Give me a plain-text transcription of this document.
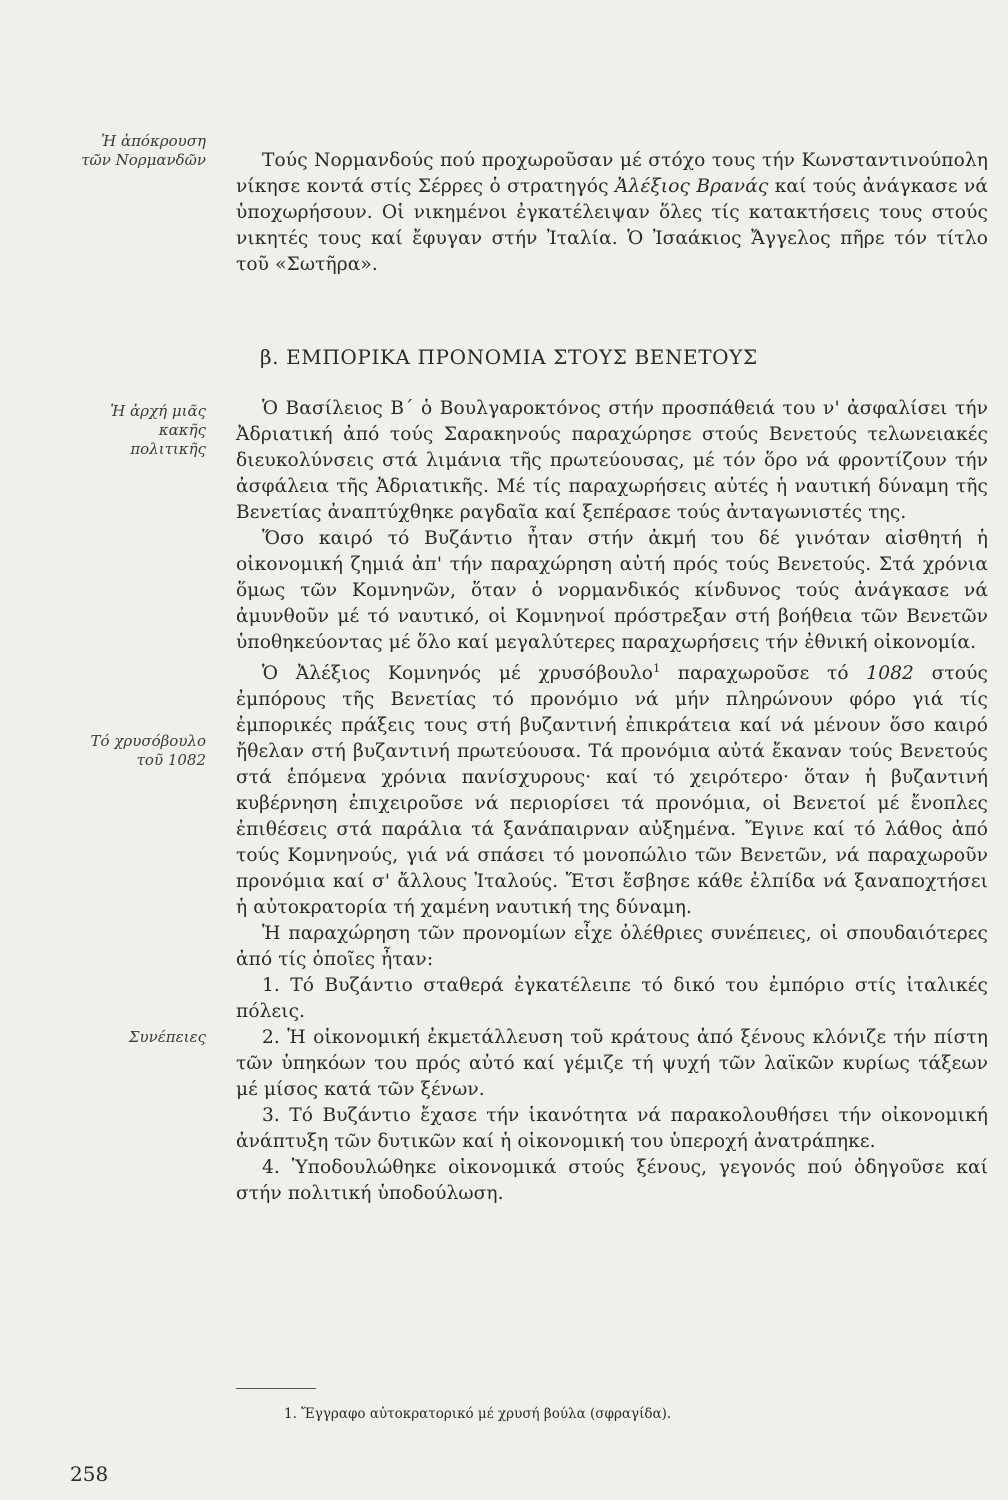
Ἡ ἀπόκρουση
τῶν Νορμανδῶν
Ἡ ἀρχή μιᾶς
κακῆς
πολιτικῆς
Τό χρυσόβουλο
τοῦ 1082
Συνέπειες

Τούς Νορμανδούς πού προχωροῦσαν μέ στόχο τους τήν Κωνσταντινούπολη νίκησε κοντά στίς Σέρρες ὁ στρατηγός Ἀλέξιος Βρανάς καί τούς ἀνάγκασε νά ὑποχωρήσουν. Οἱ νικημένοι ἐγκατέλειψαν ὅλες τίς κατακτήσεις τους στούς νικητές τους καί ἔφυγαν στήν Ἰταλία. Ὁ Ἰσαάκιος Ἄγγελος πῆρε τόν τίτλο τοῦ «Σωτῆρα».

β. ΕΜΠΟΡΙΚΑ ΠΡΟΝΟΜΙΑ ΣΤΟΥΣ ΒΕΝΕΤΟΥΣ

Ὁ Βασίλειος Β΄ ὁ Βουλγαροκτόνος στήν προσπάθειά του ν' ἀσφαλίσει τήν Ἀδριατική ἀπό τούς Σαρακηνούς παραχώρησε στούς Βενετούς τελωνειακές διευκολύνσεις στά λιμάνια τῆς πρωτεύουσας, μέ τόν ὅρο νά φροντίζουν τήν ἀσφάλεια τῆς Ἀδριατικῆς. Μέ τίς παραχωρήσεις αὐτές ἡ ναυτική δύναμη τῆς Βενετίας ἀναπτύχθηκε ραγδαῖα καί ξεπέρασε τούς ἀνταγωνιστές της.

Ὅσο καιρό τό Βυζάντιο ἦταν στήν ἀκμή του δέ γινόταν αἰσθητή ἡ οἰκονομική ζημιά ἀπ' τήν παραχώρηση αὐτή πρός τούς Βενετούς. Στά χρόνια ὅμως τῶν Κομνηνῶν, ὅταν ὁ νορμανδικός κίνδυνος τούς ἀνάγκασε νά ἀμυνθοῦν μέ τό ναυτικό, οἱ Κομνηνοί πρόστρεξαν στή βοήθεια τῶν Βενετῶν ὑποθηκεύοντας μέ ὅλο καί μεγαλύτερες παραχωρήσεις τήν ἐθνική οἰκονομία.

Ὁ Ἀλέξιος Κομνηνός μέ χρυσόβουλο$^1$ παραχωροῦσε τό 1082 στούς ἐμπόρους τῆς Βενετίας τό προνόμιο νά μήν πληρώνουν φόρο γιά τίς ἐμπορικές πράξεις τους στή βυζαντινή ἐπικράτεια καί νά μένουν ὅσο καιρό ἤθελαν στή βυζαντινή πρωτεύουσα. Τά προνόμια αὐτά ἔκαναν τούς Βενετούς στά ἑπόμενα χρόνια πανίσχυρους· καί τό χειρότερο· ὅταν ἡ βυζαντινή κυβέρνηση ἐπιχειροῦσε νά περιορίσει τά προνόμια, οἱ Βενετοί μέ ἔνοπλες ἐπιθέσεις στά παράλια τά ξανάπαιρναν αὐξημένα. Ἔγινε καί τό λάθος ἀπό τούς Κομνηνούς, γιά νά σπάσει τό μονοπώλιο τῶν Βενετῶν, νά παραχωροῦν προνόμια καί σ' ἄλλους Ἰταλούς. Ἔτσι ἔσβησε κάθε ἐλπίδα νά ξαναποχτήσει ἡ αὐτοκρατορία τή χαμένη ναυτική της δύναμη.

Ἡ παραχώρηση τῶν προνομίων εἶχε ὀλέθριες συνέπειες, οἱ σπουδαιότερες ἀπό τίς ὁποῖες ἦταν:

1. Τό Βυζάντιο σταθερά ἐγκατέλειπε τό δικό του ἐμπόριο στίς ἰταλικές πόλεις.

2. Ἡ οἰκονομική ἐκμετάλλευση τοῦ κράτους ἀπό ξένους κλόνιζε τήν πίστη τῶν ὑπηκόων του πρός αὐτό καί γέμιζε τή ψυχή τῶν λαϊκῶν κυρίως τάξεων μέ μίσος κατά τῶν ξένων.

3. Τό Βυζάντιο ἔχασε τήν ἱκανότητα νά παρακολουθήσει τήν οἰκονομική ἀνάπτυξη τῶν δυτικῶν καί ἡ οἰκονομική του ὑπεροχή ἀνατράπηκε.

4. Ὑποδουλώθηκε οἰκονομικά στούς ξένους, γεγονός πού ὁδηγοῦσε καί στήν πολιτική ὑποδούλωση.

1. Ἔγγραφο αὐτοκρατορικό μέ χρυσή βούλα (σφραγίδα).
258
